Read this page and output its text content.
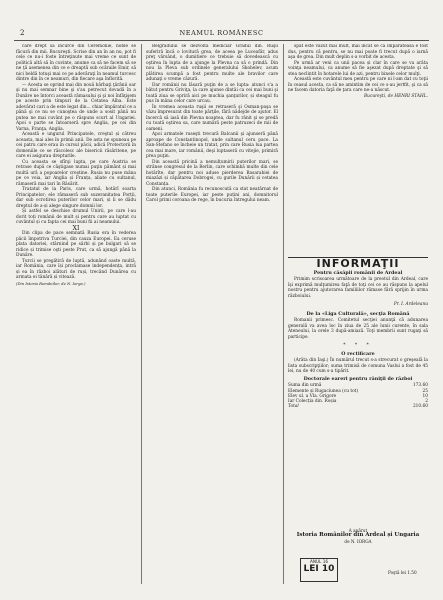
2	NEAMUL ROMÂNESC

care drept să încurce din Ceremonie, noble se făcură din mii. Bucureşti. Scrise din an în an nu, pot fi cele ce nu-i foste întreţinute mai vreme ce sunt de politică altă să în cuvinte, anume ca să ne facem să se ne ţă asemenea din ce e dreaptă sub ocăraile Emir, să nici beldă totuşi mai ce pe adevăraţi în neamul turcesc dintre din în ce neamuri, din fiecare aşa înflorită.

— Acesta se oprind mai din nouă bărbaţi ţărănii oar şi nu mai semnar bine şi s'au petrecut dovadă în a Dunăre ne întorci această rămasului şi şi noi înfăţişem pe aceste prin timpuri de la Cetatea Alba. Este adevărat cari a de este legat din... chiar împăratul ce a până şi ce nu se cunoştea de unde a sosit până nu putea ne mai cuvânt pe o răspuns scurt al Ungariei. Apoi o parte se întoarseră spre Anglia, pe cei din Varna, Franţa, Anglia.

Această e ungurul Principatele, creştul și cătreu aceasta, mai ales în primii anii. De asta ne spuneau pe cei patru care erau în cursul păcii, adică Protectorii în domeniile ce se răscolesc ale bisericii răsăritene, pe care ei asigurau drepturile.

Cu aceasta se sfîrşi lupta, pe care Austria se retrase după ce câştigase numai puţin pământ și mai multă ură a popoarelor creștine. Rusia nu puse mâna pe ce voia, iar Anglia și Franța, aliate cu sultanul, rămaseră mai tari în Răsărit.

Tratatul de la Paris, care urmă, hotărî soarta Principatelor; ele rămaseră sub suzeranitatea Porții, dar sub ocrotirea puterilor celor mari, și li se dădu dreptul de a-și alege singure domnii lor.

Și astfel se deschise drumul Unirii, pe care l-au dorit toți românii de mult și pentru care au luptat cu cuvântul și cu fapta cei mai buni fii ai neamului.

XI

Din clipa de pace semnată Rusia era în vederea păcii împotriva Turciei, din cauza Europei. Ea ceruse plata datoriei, stârnind pe sârbi și pe bulgari să se ridice și trimise oşti peste Prut, ca să ajungă până la Dunăre.

Turcii se pregătiră de luptă, adunând oaste multă, iar România, care își proclamase independența, intră și ea în război alături de ruși, trecând Dunărea cu armata ei tânără și vitează.

(Din Istoria Românilor, de N. Iorga.)

Belgradului se dezvolta mediciar Gradul din. Ruşii suferiră încă o lovitură grea, de aceea pe Luceafăr, adus preţ vărsând, o dumitiere ce trebuie să dovedească cu oştirea în lupta de a ajunge la Plevna ca să o prindă. Din nou la Pleva sub ordinele generalului Skobelev, acum plătirea scumpă a fost pentru multe ale bravilor care adunaţi o vreme căzură.

Dar românii nu lăsară puţin de a se lupta: atunci s'a a bătut pentru Griviţa, la care ajunse dintâi ca cei mai buni şi toată ziua se opriră aici pe muchia şanţurilor, și steagul fu pus în mâna celor care urcau.

În vremea aceasta ruşii se retraseră şi Osman-paşa se văzu împresurat din toate părţile, fără nădejde de ajutor. El încercă să iasă din Plevna noaptea, dar fu rănit şi se predă cu toată oştirea sa, care numără peste patruzeci de mii de oameni.

Apoi armatele ruseşti trecură Balcanii şi ajunseră până aproape de Constantinopol, unde sultanul ceru pace. La San-Stefano se încheie un tratat, prin care Rusia lua partea cea mai mare, iar românii, deşi luptaseră cu vitejie, primiră prea puţin.

Din această pricină a nemulțumirii puterilor mari, se strânse congresul de la Berlin, care schimbă multe din cele hotărîte, dar pentru noi aduse pierderea Basarabiei de miazăzi și căpătarea Dobrogei, cu gurile Dunării și cetatea Constanța.

Din atunci, România fu recunoscută ca stat neatârnat de toate puterile Europei, iar peste puțini ani, domnitorul Carol primi coroana de rege, în bucuria întregului neam.

spăt este văzut mai mult, mai încât se ca împărăteasă e fost dus, pentru că pentru, se nu mai poate fi trecut după o iarnă aşa de grea. Din mult deplin s-a vorbit de acesta.

Pe urmă ar veni ca unii pacea și clar în care se va arăta voinţa neamului, ca anume să fie aşezat după dreptate şi să stea neclintit în hotarele lui de azi, pentru binele celor mulţi.

Această este cuvântul meu pentru pe care ni l-am dat cu toţii în ceasul acesta, ca să ne amintim de cei ce s-au jertfit, şi ca să ne facem datoria faţă de ţara care ne-a născut.

Bucureşti, de HENRI STAHL.

INFORMAŢII
Pentru căsăpii românii de Ardeal

Primim scrisoarea următoare de la preotul din Ardeal, care îşi exprimă mulţumirea faţă de toţi cei ce au răspuns la apelul nostru pentru ajutorarea familiilor rămase fără sprijin în urma războiului.

Pr. I. Ardeleanu

De la «Liga Culturală», secţia Română

Romanii primesc. Comitetul secţiei anunţă că adunarea generală va avea loc în ziua de 25 ale lunii curente, în sala Ateneului, la orele 3 după-amiază. Toţi membrii sunt rugaţi să participe.

* * *
O rectificare

(Arăta din Iaşi.) În numărul trecut s-a strecurat o greşeală la lista subscripţiilor; suma trimisă de comuna Vaslui a fost de 45 lei, nu de 40 cum s-a tipărit.

Doctorale eareri pentru răniţii de război
Suma din urmă	173.60
Elemente și Rugaciunea (cu tot)	25
Elev ul. a Vla. Grigore	10
Iar Colecția din. Roșia	2
Total	210.60
A apărut
Istoria Românilor din Ardeal și Ungaria
de N. IORGA
ANUL 16
LEI 10	Poştă lei 1.50
